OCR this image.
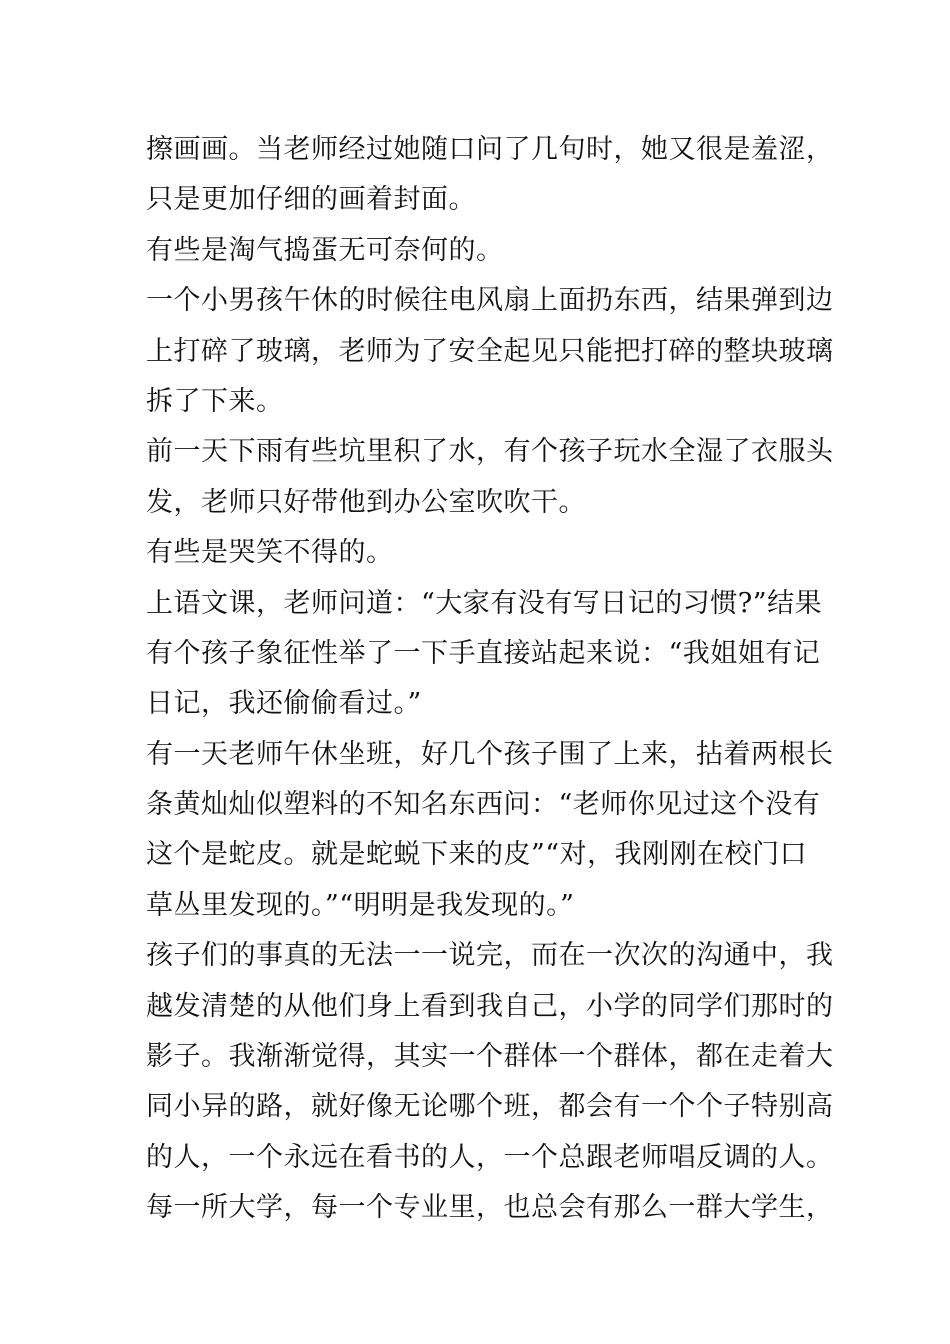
擦画画。当老师经过她随口问了几句时，她又很是羞涩，
只是更加仔细的画着封面。
有些是淘气捣蛋无可奈何的。
一个小男孩午休的时候往电风扇上面扔东西，结果弹到边
上打碎了玻璃，老师为了安全起见只能把打碎的整块玻璃
拆了下来。
前一天下雨有些坑里积了水，有个孩子玩水全湿了衣服头
发，老师只好带他到办公室吹吹干。
有些是哭笑不得的。
上语文课，老师问道：“大家有没有写日记的习惯?”结果
有个孩子象征性举了一下手直接站起来说：“我姐姐有记
日记，我还偷偷看过。”
有一天老师午休坐班，好几个孩子围了上来，拈着两根长
条黄灿灿似塑料的不知名东西问：“老师你见过这个没有
这个是蛇皮。就是蛇蜕下来的皮”“对，我刚刚在校门口
草丛里发现的。”“明明是我发现的。”
孩子们的事真的无法一一说完，而在一次次的沟通中，我
越发清楚的从他们身上看到我自己，小学的同学们那时的
影子。我渐渐觉得，其实一个群体一个群体，都在走着大
同小异的路，就好像无论哪个班，都会有一个个子特别高
的人，一个永远在看书的人，一个总跟老师唱反调的人。
每一所大学，每一个专业里，也总会有那么一群大学生，
